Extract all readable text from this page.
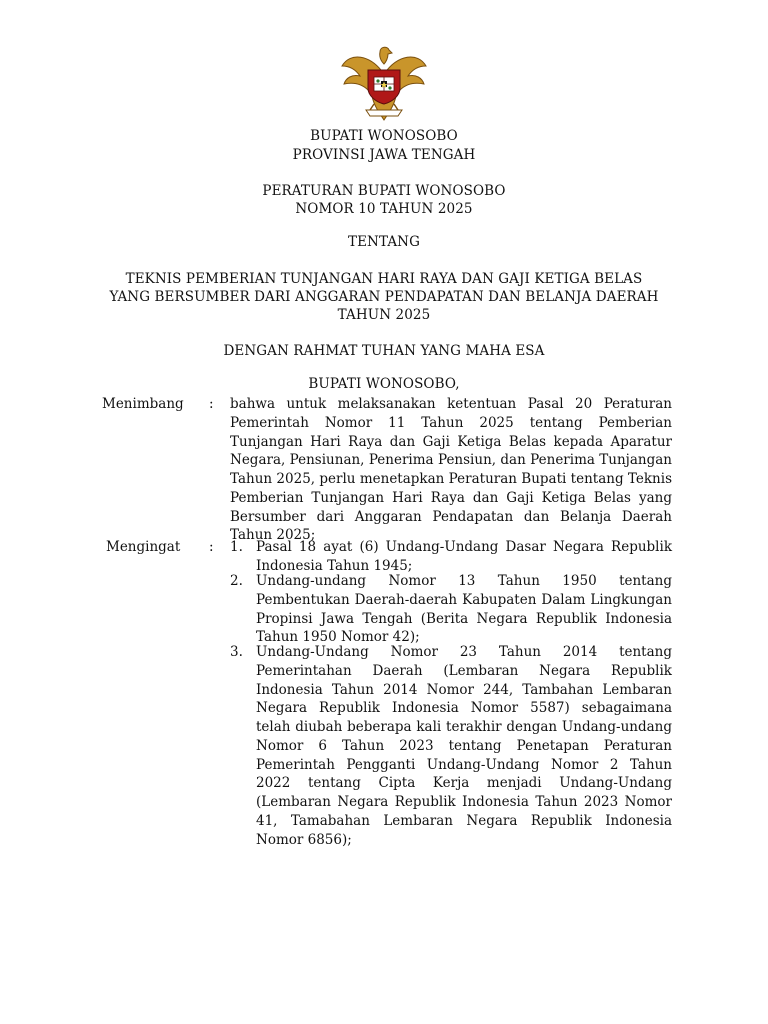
BUPATI WONOSOBO
PROVINSI JAWA TENGAH
PERATURAN BUPATI WONOSOBO
NOMOR 10 TAHUN 2025
TENTANG
TEKNIS PEMBERIAN TUNJANGAN HARI RAYA DAN GAJI KETIGA BELAS
YANG BERSUMBER DARI ANGGARAN PENDAPATAN DAN BELANJA DAERAH
TAHUN 2025
DENGAN RAHMAT TUHAN YANG MAHA ESA
BUPATI WONOSOBO,
Menimbang : bahwa untuk melaksanakan ketentuan Pasal 20 Peraturan Pemerintah Nomor 11 Tahun 2025 tentang Pemberian Tunjangan Hari Raya dan Gaji Ketiga Belas kepada Aparatur Negara, Pensiunan, Penerima Pensiun, dan Penerima Tunjangan Tahun 2025, perlu menetapkan Peraturan Bupati tentang Teknis Pemberian Tunjangan Hari Raya dan Gaji Ketiga Belas yang Bersumber dari Anggaran Pendapatan dan Belanja Daerah Tahun 2025;
Mengingat : 1. Pasal 18 ayat (6) Undang-Undang Dasar Negara Republik Indonesia Tahun 1945;
2. Undang-undang Nomor 13 Tahun 1950 tentang Pembentukan Daerah-daerah Kabupaten Dalam Lingkungan Propinsi Jawa Tengah (Berita Negara Republik Indonesia Tahun 1950 Nomor 42);
3. Undang-Undang Nomor 23 Tahun 2014 tentang Pemerintahan Daerah (Lembaran Negara Republik Indonesia Tahun 2014 Nomor 244, Tambahan Lembaran Negara Republik Indonesia Nomor 5587) sebagaimana telah diubah beberapa kali terakhir dengan Undang-undang Nomor 6 Tahun 2023 tentang Penetapan Peraturan Pemerintah Pengganti Undang-Undang Nomor 2 Tahun 2022 tentang Cipta Kerja menjadi Undang-Undang (Lembaran Negara Republik Indonesia Tahun 2023 Nomor 41, Tamabahan Lembaran Negara Republik Indonesia Nomor 6856);
